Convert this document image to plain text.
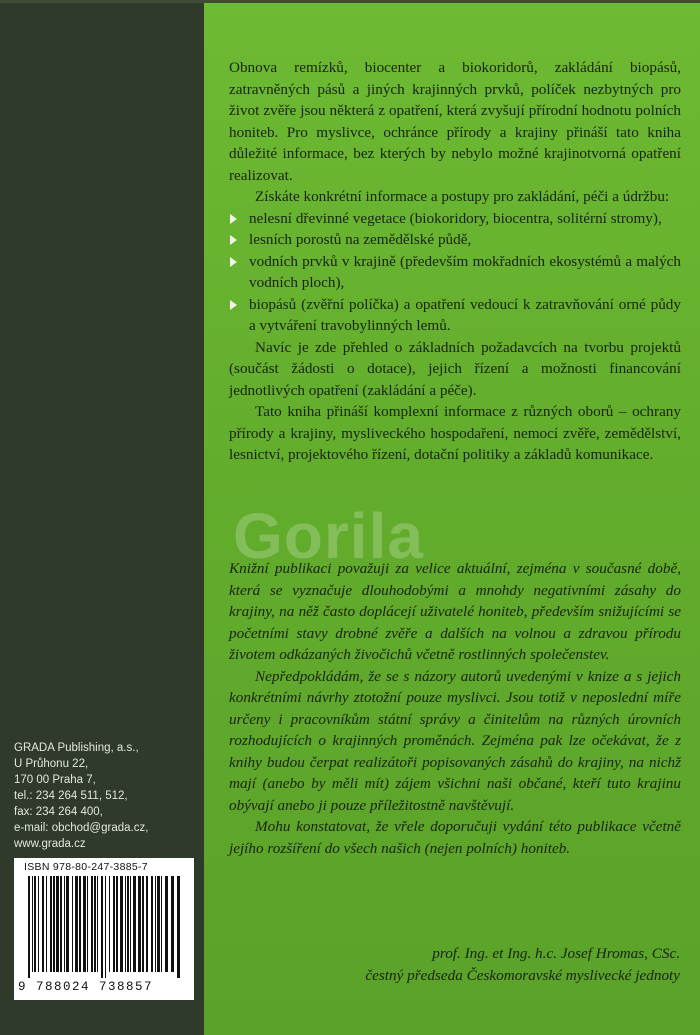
Gorila

Obnova remízků, biocenter a biokoridorů, zakládání biopásů, zatravněných pásů a jiných krajinných prvků, políček nezbytných pro život zvěře jsou některá z opatření, která zvyšují přírodní hodnotu polních honiteb. Pro myslivce, ochránce přírody a krajiny přináší tato kniha důležité informace, bez kterých by nebylo možné krajinotvorná opatření realizovat.

Získáte konkrétní informace a postupy pro zakládání, péči a údržbu:

nelesní dřevinné vegetace (biokoridory, biocentra, solitérní stromy),
lesních porostů na zemědělské půdě,
vodních prvků v krajině (především mokřadních ekosystémů a malých vodních ploch),
biopásů (zvěřní políčka) a opatření vedoucí k zatravňování orné půdy a vytváření travobylinných lemů.

Navíc je zde přehled o základních požadavcích na tvorbu projektů (součást žádosti o dotace), jejich řízení a možnosti financování jednotlivých opatření (zakládání a péče).

Tato kniha přináší komplexní informace z různých oborů – ochrany přírody a krajiny, mysliveckého hospodaření, nemocí zvěře, zemědělství, lesnictví, projektového řízení, dotační politiky a základů komunikace.

Knižní publikaci považuji za velice aktuální, zejména v současné době, která se vyznačuje dlouhodobými a mnohdy negativními zásahy do krajiny, na něž často doplácejí uživatelé honiteb, především snižujícími se početními stavy drobné zvěře a dalších na volnou a zdravou přírodu životem odkázaných živočichů včetně rostlinných společenstev.

Nepředpokládám, že se s názory autorů uvedenými v knize a s jejich konkrétními návrhy ztotožní pouze myslivci. Jsou totiž v neposlední míře určeny i pracovníkům státní správy a činitelům na různých úrovních rozhodujících o krajinných proměnách. Zejména pak lze očekávat, že z knihy budou čerpat realizátoři popisovaných zásahů do krajiny, na nichž mají (anebo by měli mít) zájem všichni naši občané, kteří tuto krajinu obývají anebo ji pouze příležitostně navštěvují.

Mohu konstatovat, že vřele doporučuji vydání této publikace včetně jejího rozšíření do všech našich (nejen polních) honiteb.

prof. Ing. et Ing. h.c. Josef Hromas, CSc.
čestný předseda Českomoravské myslivecké jednoty
GRADA Publishing, a.s.,
U Průhonu 22,
170 00 Praha 7,
tel.: 234 264 511, 512,
fax: 234 264 400,
e-mail: obchod@grada.cz,
www.grada.cz
ISBN 978-80-247-3885-7
9 788024 738857
